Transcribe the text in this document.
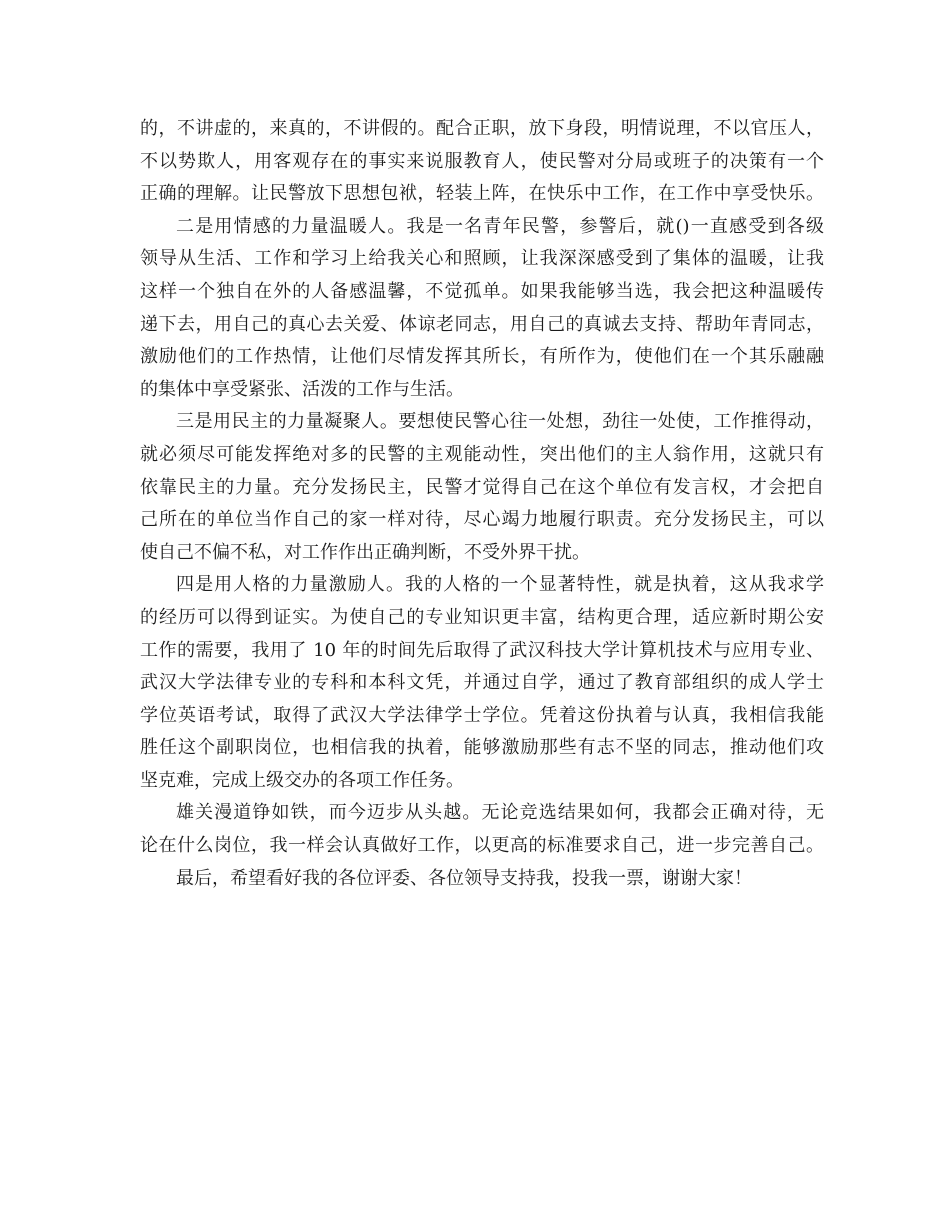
的，不讲虚的，来真的，不讲假的。配合正职，放下身段，明情说理，不以官压人，
不以势欺人，用客观存在的事实来说服教育人，使民警对分局或班子的决策有一个
正确的理解。让民警放下思想包袱，轻装上阵，在快乐中工作，在工作中享受快乐。
二是用情感的力量温暖人。我是一名青年民警，参警后，就()一直感受到各级
领导从生活、工作和学习上给我关心和照顾，让我深深感受到了集体的温暖，让我
这样一个独自在外的人备感温馨，不觉孤单。如果我能够当选，我会把这种温暖传
递下去，用自己的真心去关爱、体谅老同志，用自己的真诚去支持、帮助年青同志，
激励他们的工作热情，让他们尽情发挥其所长，有所作为，使他们在一个其乐融融
的集体中享受紧张、活泼的工作与生活。
三是用民主的力量凝聚人。要想使民警心往一处想，劲往一处使，工作推得动，
就必须尽可能发挥绝对多的民警的主观能动性，突出他们的主人翁作用，这就只有
依靠民主的力量。充分发扬民主，民警才觉得自己在这个单位有发言权，才会把自
己所在的单位当作自己的家一样对待，尽心竭力地履行职责。充分发扬民主，可以
使自己不偏不私，对工作作出正确判断，不受外界干扰。
四是用人格的力量激励人。我的人格的一个显著特性，就是执着，这从我求学
的经历可以得到证实。为使自己的专业知识更丰富，结构更合理，适应新时期公安
工作的需要，我用了 10 年的时间先后取得了武汉科技大学计算机技术与应用专业、
武汉大学法律专业的专科和本科文凭，并通过自学，通过了教育部组织的成人学士
学位英语考试，取得了武汉大学法律学士学位。凭着这份执着与认真，我相信我能
胜任这个副职岗位，也相信我的执着，能够激励那些有志不坚的同志，推动他们攻
坚克难，完成上级交办的各项工作任务。
雄关漫道铮如铁，而今迈步从头越。无论竞选结果如何，我都会正确对待，无
论在什么岗位，我一样会认真做好工作，以更高的标准要求自己，进一步完善自己。
最后，希望看好我的各位评委、各位领导支持我，投我一票，谢谢大家！
